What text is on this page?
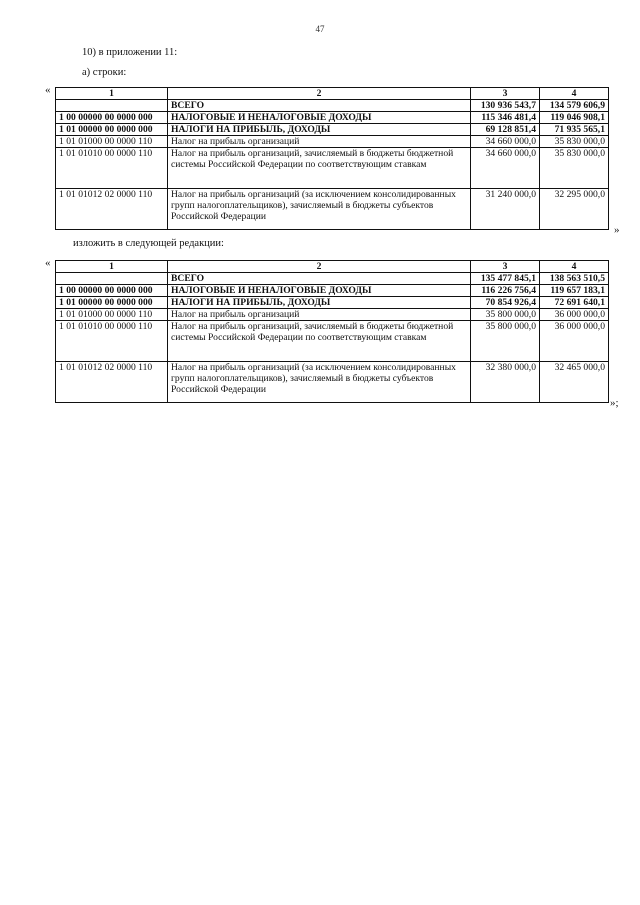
47
10) в приложении 11:
а) строки:
«	1	2	3	4
	ВСЕГО	130 936 543,7	134 579 606,9
1 00 00000 00 0000 000	НАЛОГОВЫЕ И НЕНАЛОГОВЫЕ ДОХОДЫ	115 346 481,4	119 046 908,1
1 01 00000 00 0000 000	НАЛОГИ НА ПРИБЫЛЬ, ДОХОДЫ	69 128 851,4	71 935 565,1
1 01 01000 00 0000 110	Налог на прибыль организаций	34 660 000,0	35 830 000,0
1 01 01010 00 0000 110	Налог на прибыль организаций, зачисляемый в бюджеты бюджетной системы Российской Федерации по соответствующим ставкам	34 660 000,0	35 830 000,0
1 01 01012 02 0000 110	Налог на прибыль организаций (за исключением консолидированных групп налогоплательщиков), зачисляемый в бюджеты субъектов Российской Федерации	31 240 000,0	32 295 000,0
»
изложить в следующей редакции:
«	1	2	3	4
	ВСЕГО	135 477 845,1	138 563 510,5
1 00 00000 00 0000 000	НАЛОГОВЫЕ И НЕНАЛОГОВЫЕ ДОХОДЫ	116 226 756,4	119 657 183,1
1 01 00000 00 0000 000	НАЛОГИ НА ПРИБЫЛЬ, ДОХОДЫ	70 854 926,4	72 691 640,1
1 01 01000 00 0000 110	Налог на прибыль организаций	35 800 000,0	36 000 000,0
1 01 01010 00 0000 110	Налог на прибыль организаций, зачисляемый в бюджеты бюджетной системы Российской Федерации по соответствующим ставкам	35 800 000,0	36 000 000,0
1 01 01012 02 0000 110	Налог на прибыль организаций (за исключением консолидированных групп налогоплательщиков), зачисляемый в бюджеты субъектов Российской Федерации	32 380 000,0	32 465 000,0
»;
